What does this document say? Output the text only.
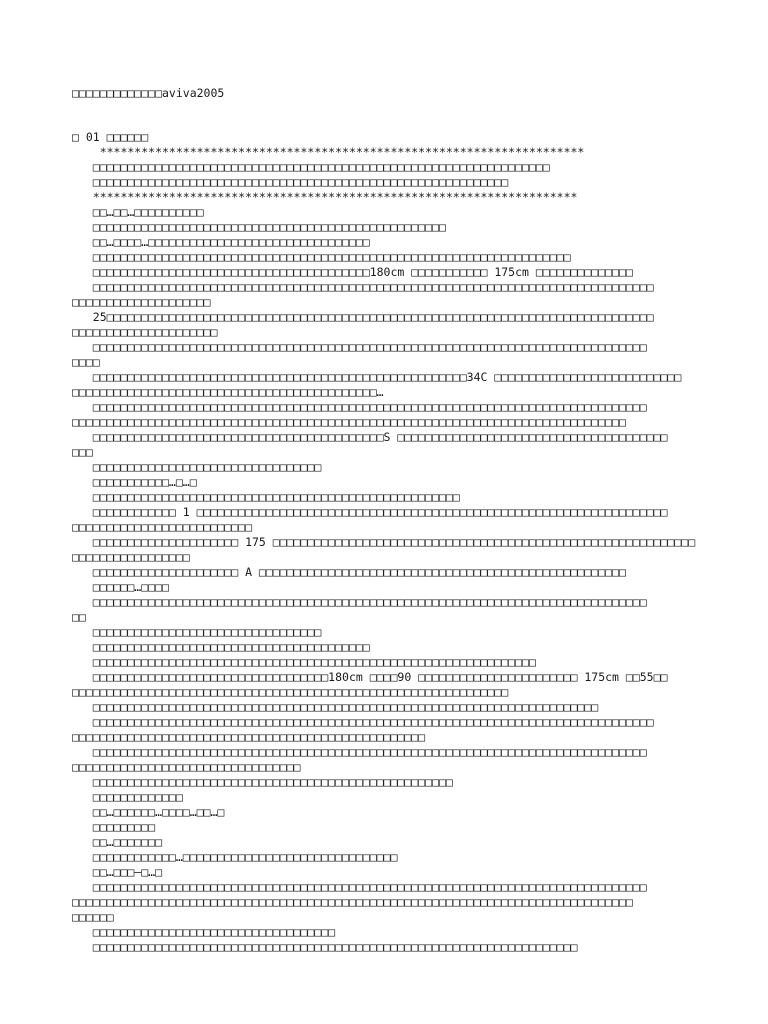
□□□□□□□□□□□□□aviva2005
□ 01 □□□□□□
**********************************************************************
□□□□□□□□□□□□□□□□□□□□□□□□□□□□□□□□□□□□□□□□□□□□□□□□□□□□□□□□□□□□□□□□□□
□□□□□□□□□□□□□□□□□□□□□□□□□□□□□□□□□□□□□□□□□□□□□□□□□□□□□□□□□□□□
**********************************************************************
□□…□□…□□□□□□□□□□
□□□□□□□□□□□□□□□□□□□□□□□□□□□□□□□□□□□□□□□□□□□□□□□□□□□
□□…□□□□…□□□□□□□□□□□□□□□□□□□□□□□□□□□□□□□□
□□□□□□□□□□□□□□□□□□□□□□□□□□□□□□□□□□□□□□□□□□□□□□□□□□□□□□□□□□□□□□□□□□□□□
□□□□□□□□□□□□□□□□□□□□□□□□□□□□□□□□□□□□□□□□180cm □□□□□□□□□□□ 175cm □□□□□□□□□□□□□□
□□□□□□□□□□□□□□□□□□□□□□□□□□□□□□□□□□□□□□□□□□□□□□□□□□□□□□□□□□□□□□□□□□□□□□□□□□□□□□□□□
□□□□□□□□□□□□□□□□□□□□
25□□□□□□□□□□□□□□□□□□□□□□□□□□□□□□□□□□□□□□□□□□□□□□□□□□□□□□□□□□□□□□□□□□□□□□□□□□□□□□□
□□□□□□□□□□□□□□□□□□□□□
□□□□□□□□□□□□□□□□□□□□□□□□□□□□□□□□□□□□□□□□□□□□□□□□□□□□□□□□□□□□□□□□□□□□□□□□□□□□□□□□
□□□□
□□□□□□□□□□□□□□□□□□□□□□□□□□□□□□□□□□□□□□□□□□□□□□□□□□□□□□34C □□□□□□□□□□□□□□□□□□□□□□□□□□□
□□□□□□□□□□□□□□□□□□□□□□□□□□□□□□□□□□□□□□□□□□□□…
□□□□□□□□□□□□□□□□□□□□□□□□□□□□□□□□□□□□□□□□□□□□□□□□□□□□□□□□□□□□□□□□□□□□□□□□□□□□□□□□
□□□□□□□□□□□□□□□□□□□□□□□□□□□□□□□□□□□□□□□□□□□□□□□□□□□□□□□□□□□□□□□□□□□□□□□□□□□□□□□□
□□□□□□□□□□□□□□□□□□□□□□□□□□□□□□□□□□□□□□□□□□S □□□□□□□□□□□□□□□□□□□□□□□□□□□□□□□□□□□□□□□
□□□
□□□□□□□□□□□□□□□□□□□□□□□□□□□□□□□□□
□□□□□□□□□□□…□…□
□□□□□□□□□□□□□□□□□□□□□□□□□□□□□□□□□□□□□□□□□□□□□□□□□□□□□
□□□□□□□□□□□□ 1 □□□□□□□□□□□□□□□□□□□□□□□□□□□□□□□□□□□□□□□□□□□□□□□□□□□□□□□□□□□□□□□□□□□□
□□□□□□□□□□□□□□□□□□□□□□□□□□
□□□□□□□□□□□□□□□□□□□□□ 175 □□□□□□□□□□□□□□□□□□□□□□□□□□□□□□□□□□□□□□□□□□□□□□□□□□□□□□□□□□□□□
□□□□□□□□□□□□□□□□□
□□□□□□□□□□□□□□□□□□□□□ A □□□□□□□□□□□□□□□□□□□□□□□□□□□□□□□□□□□□□□□□□□□□□□□□□□□□□
□□□□□□…□□□□
□□□□□□□□□□□□□□□□□□□□□□□□□□□□□□□□□□□□□□□□□□□□□□□□□□□□□□□□□□□□□□□□□□□□□□□□□□□□□□□□
□□
□□□□□□□□□□□□□□□□□□□□□□□□□□□□□□□□□
□□□□□□□□□□□□□□□□□□□□□□□□□□□□□□□□□□□□□□□□
□□□□□□□□□□□□□□□□□□□□□□□□□□□□□□□□□□□□□□□□□□□□□□□□□□□□□□□□□□□□□□□□
□□□□□□□□□□□□□□□□□□□□□□□□□□□□□□□□□□180cm □□□□90 □□□□□□□□□□□□□□□□□□□□□□□ 175cm □□55□□
□□□□□□□□□□□□□□□□□□□□□□□□□□□□□□□□□□□□□□□□□□□□□□□□□□□□□□□□□□□□□□□
□□□□□□□□□□□□□□□□□□□□□□□□□□□□□□□□□□□□□□□□□□□□□□□□□□□□□□□□□□□□□□□□□□□□□□□□□
□□□□□□□□□□□□□□□□□□□□□□□□□□□□□□□□□□□□□□□□□□□□□□□□□□□□□□□□□□□□□□□□□□□□□□□□□□□□□□□□□
□□□□□□□□□□□□□□□□□□□□□□□□□□□□□□□□□□□□□□□□□□□□□□□□□□□
□□□□□□□□□□□□□□□□□□□□□□□□□□□□□□□□□□□□□□□□□□□□□□□□□□□□□□□□□□□□□□□□□□□□□□□□□□□□□□□□
□□□□□□□□□□□□□□□□□□□□□□□□□□□□□□□□□
□□□□□□□□□□□□□□□□□□□□□□□□□□□□□□□□□□□□□□□□□□□□□□□□□□□□
□□□□□□□□□□□□□
□□…□□□□□□…□□□□…□□…□
□□□□□□□□□
□□…□□□□□□□
□□□□□□□□□□□□…□□□□□□□□□□□□□□□□□□□□□□□□□□□□□□□
□□…□□□—□…□
□□□□□□□□□□□□□□□□□□□□□□□□□□□□□□□□□□□□□□□□□□□□□□□□□□□□□□□□□□□□□□□□□□□□□□□□□□□□□□□□
□□□□□□□□□□□□□□□□□□□□□□□□□□□□□□□□□□□□□□□□□□□□□□□□□□□□□□□□□□□□□□□□□□□□□□□□□□□□□□□□□
□□□□□□
□□□□□□□□□□□□□□□□□□□□□□□□□□□□□□□□□□□
□□□□□□□□□□□□□□□□□□□□□□□□□□□□□□□□□□□□□□□□□□□□□□□□□□□□□□□□□□□□□□□□□□□□□□
